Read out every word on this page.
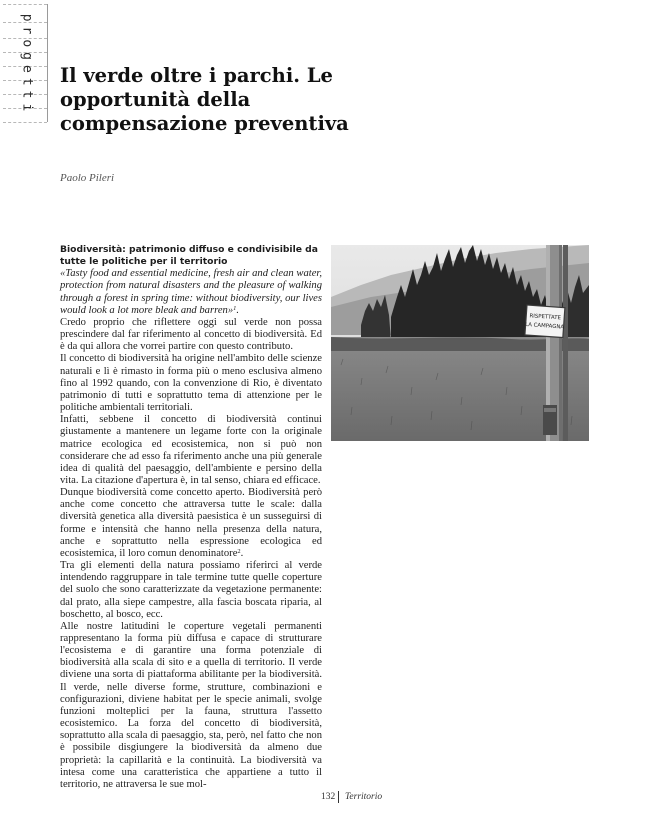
progetti Il verde oltre i parchi. Le opportunità della compensazione preventiva
Paolo Pileri

Biodiversità: patrimonio diffuso e condivisibile da tutte le politiche per il territorio

«Tasty food and essential medicine, fresh air and clean water, protection from natural disasters and the pleasure of walking through a forest in spring time: without biodiversity, our lives would look a lot more bleak and barren»$^1$.

Credo proprio che riflettere oggi sul verde non possa prescindere dal far riferimento al concetto di biodiversità. Ed è da qui allora che vorrei partire con questo contributo.

Il concetto di biodiversità ha origine nell'ambito delle scienze naturali e lì è rimasto in forma più o meno esclusiva almeno fino al 1992 quando, con la convenzione di Rio, è diventato patrimonio di tutti e soprattutto tema di attenzione per le politiche ambientali territoriali.

Infatti, sebbene il concetto di biodiversità continui giustamente a mantenere un legame forte con la originale matrice ecologica ed ecosistemica, non si può non considerare che ad esso fa riferimento anche una più generale idea di qualità del paesaggio, dell'ambiente e persino della vita. La citazione d'apertura è, in tal senso, chiara ed efficace.

Dunque biodiversità come concetto aperto. Biodiversità però anche come concetto che attraversa tutte le scale: dalla diversità genetica alla diversità paesistica è un susseguirsi di forme e intensità che hanno nella presenza della natura, anche e soprattutto nella espressione ecologica ed ecosistemica, il loro comun denominatore$^2$.

Tra gli elementi della natura possiamo riferirci al verde intendendo raggruppare in tale termine tutte quelle coperture del suolo che sono caratterizzate da vegetazione permanente: dal prato, alla siepe campestre, alla fascia boscata riparia, al boschetto, al bosco, ecc.

Alle nostre latitudini le coperture vegetali permanenti rappresentano la forma più diffusa e capace di strutturare l'ecosistema e di garantire una forma potenziale di biodiversità alla scala di sito e a quella di territorio. Il verde diviene una sorta di piattaforma abilitante per la biodiversità. Il verde, nelle diverse forme, strutture, combinazioni e configurazioni, diviene habitat per le specie animali, svolge funzioni molteplici per la fauna, struttura l'assetto ecosistemico. La forza del concetto di biodiversità, soprattutto alla scala di paesaggio, sta, però, nel fatto che non è possibile disgiungere la biodiversità da almeno due proprietà: la capillarità e la continuità. La biodiversità va intesa come una caratteristica che appartiene a tutto il territorio, ne attraversa le sue mol-

RISPETTATE
LA CAMPAGNA
132 Territorio
